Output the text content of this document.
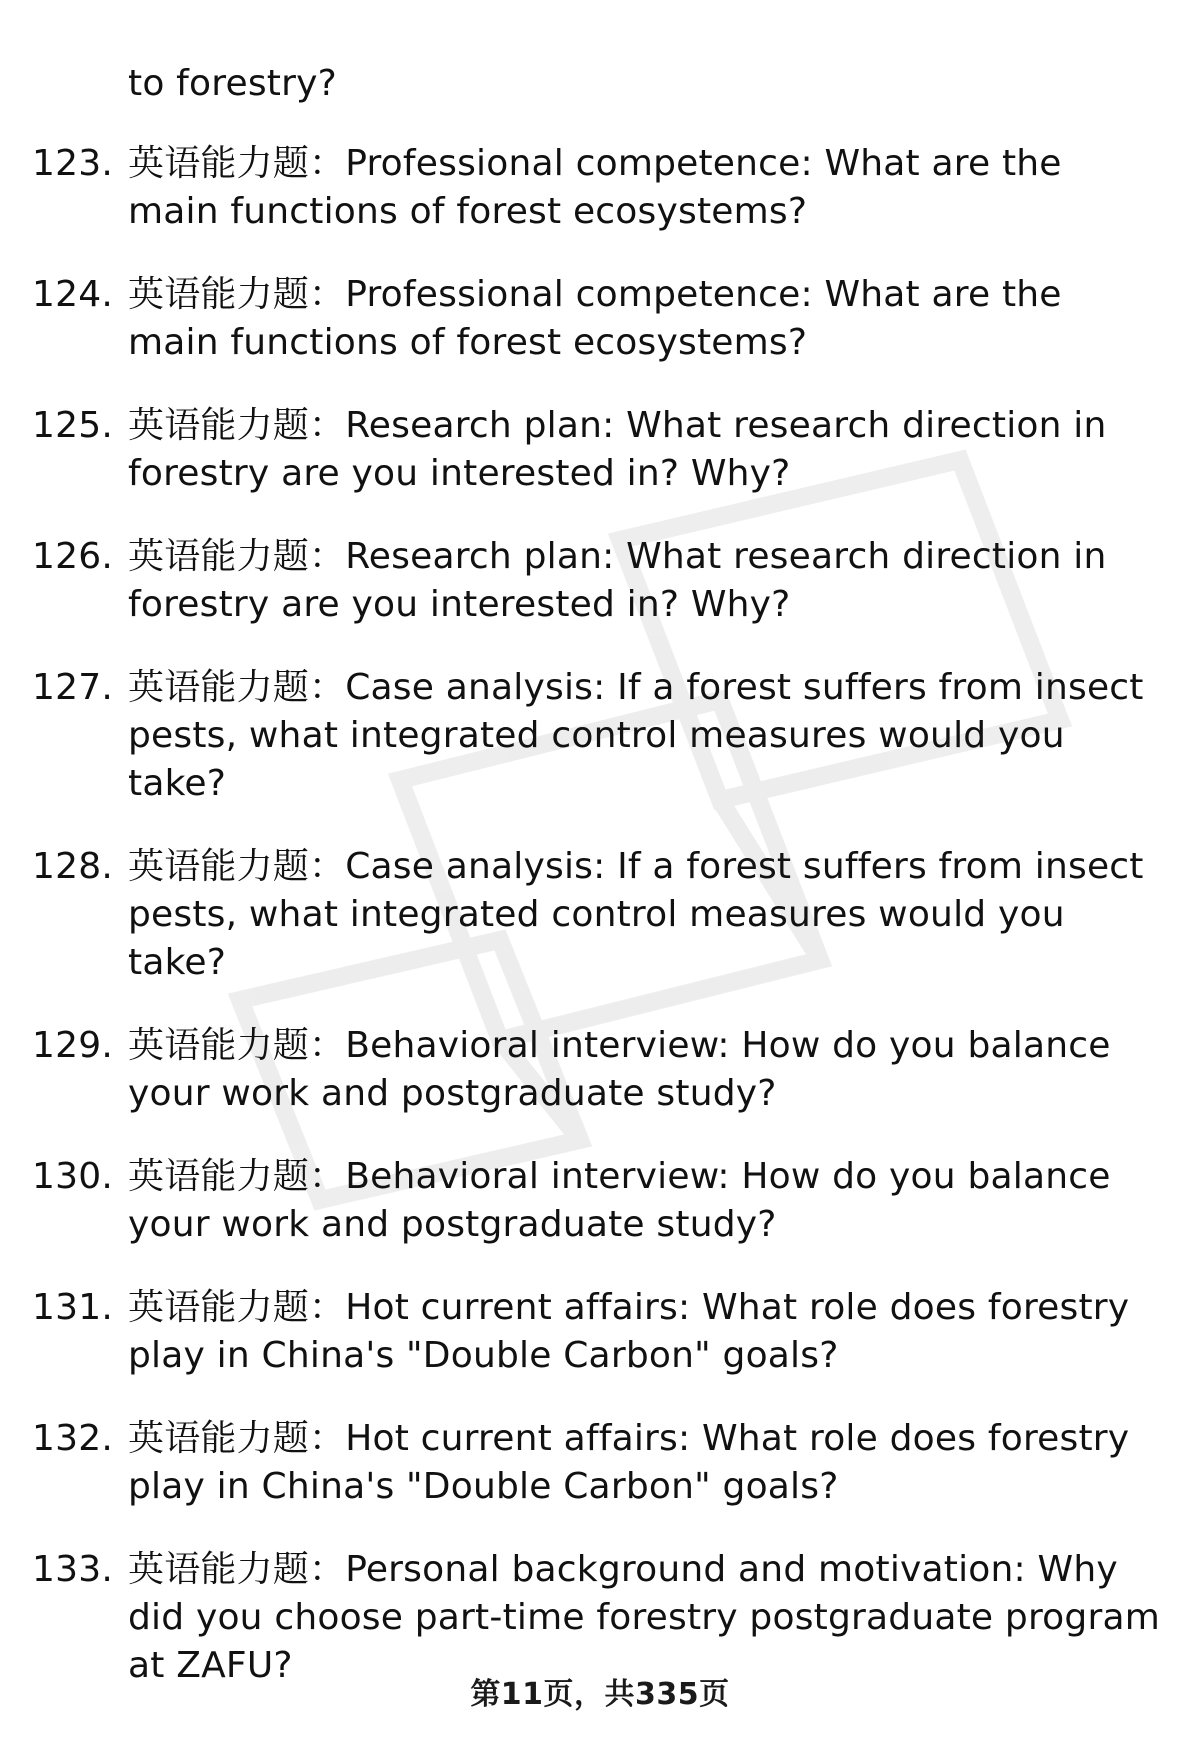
to forestry?
123. 英语能力题：Professional competence: What are the main functions of forest ecosystems?
124. 英语能力题：Professional competence: What are the main functions of forest ecosystems?
125. 英语能力题：Research plan: What research direction in forestry are you interested in? Why?
126. 英语能力题：Research plan: What research direction in forestry are you interested in? Why?
127. 英语能力题：Case analysis: If a forest suffers from insect pests, what integrated control measures would you take?
128. 英语能力题：Case analysis: If a forest suffers from insect pests, what integrated control measures would you take?
129. 英语能力题：Behavioral interview: How do you balance your work and postgraduate study?
130. 英语能力题：Behavioral interview: How do you balance your work and postgraduate study?
131. 英语能力题：Hot current affairs: What role does forestry play in China's "Double Carbon" goals?
132. 英语能力题：Hot current affairs: What role does forestry play in China's "Double Carbon" goals?
133. 英语能力题：Personal background and motivation: Why did you choose part-time forestry postgraduate program at ZAFU?
第11页，共335页
